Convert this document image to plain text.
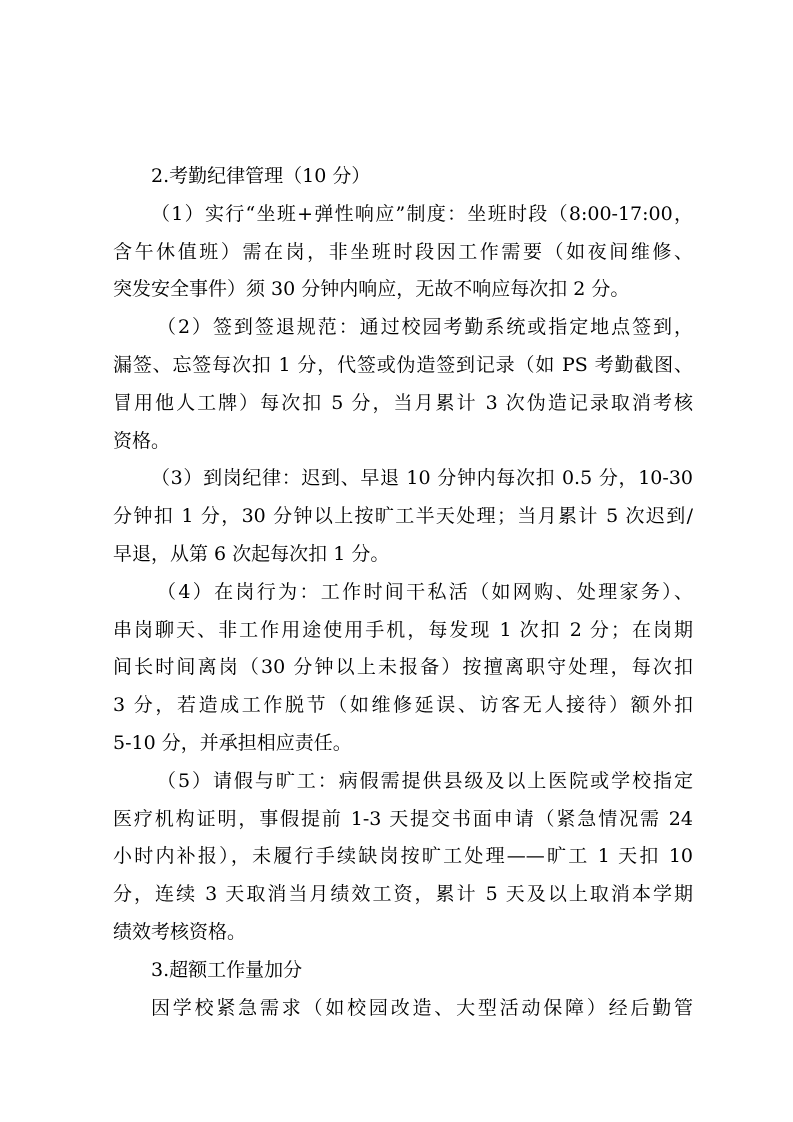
2.考勤纪律管理（10 分）
（1）实行“坐班+弹性响应”制度：坐班时段（8:00-17:00，
含午休值班）需在岗，非坐班时段因工作需要（如夜间维修、
突发安全事件）须 30 分钟内响应，无故不响应每次扣 2 分。
（2）签到签退规范：通过校园考勤系统或指定地点签到，
漏签、忘签每次扣 1 分，代签或伪造签到记录（如 PS 考勤截图、
冒用他人工牌）每次扣 5 分，当月累计 3 次伪造记录取消考核
资格。
（3）到岗纪律：迟到、早退 10 分钟内每次扣 0.5 分，10-30
分钟扣 1 分，30 分钟以上按旷工半天处理；当月累计 5 次迟到/
早退，从第 6 次起每次扣 1 分。
（4）在岗行为：工作时间干私活（如网购、处理家务）、
串岗聊天、非工作用途使用手机，每发现 1 次扣 2 分；在岗期
间长时间离岗（30 分钟以上未报备）按擅离职守处理，每次扣
3 分，若造成工作脱节（如维修延误、访客无人接待）额外扣
5-10 分，并承担相应责任。
（5）请假与旷工：病假需提供县级及以上医院或学校指定
医疗机构证明，事假提前 1-3 天提交书面申请（紧急情况需 24
小时内补报），未履行手续缺岗按旷工处理——旷工 1 天扣 10
分，连续 3 天取消当月绩效工资，累计 5 天及以上取消本学期
绩效考核资格。
3.超额工作量加分
因学校紧急需求（如校园改造、大型活动保障）经后勤管
